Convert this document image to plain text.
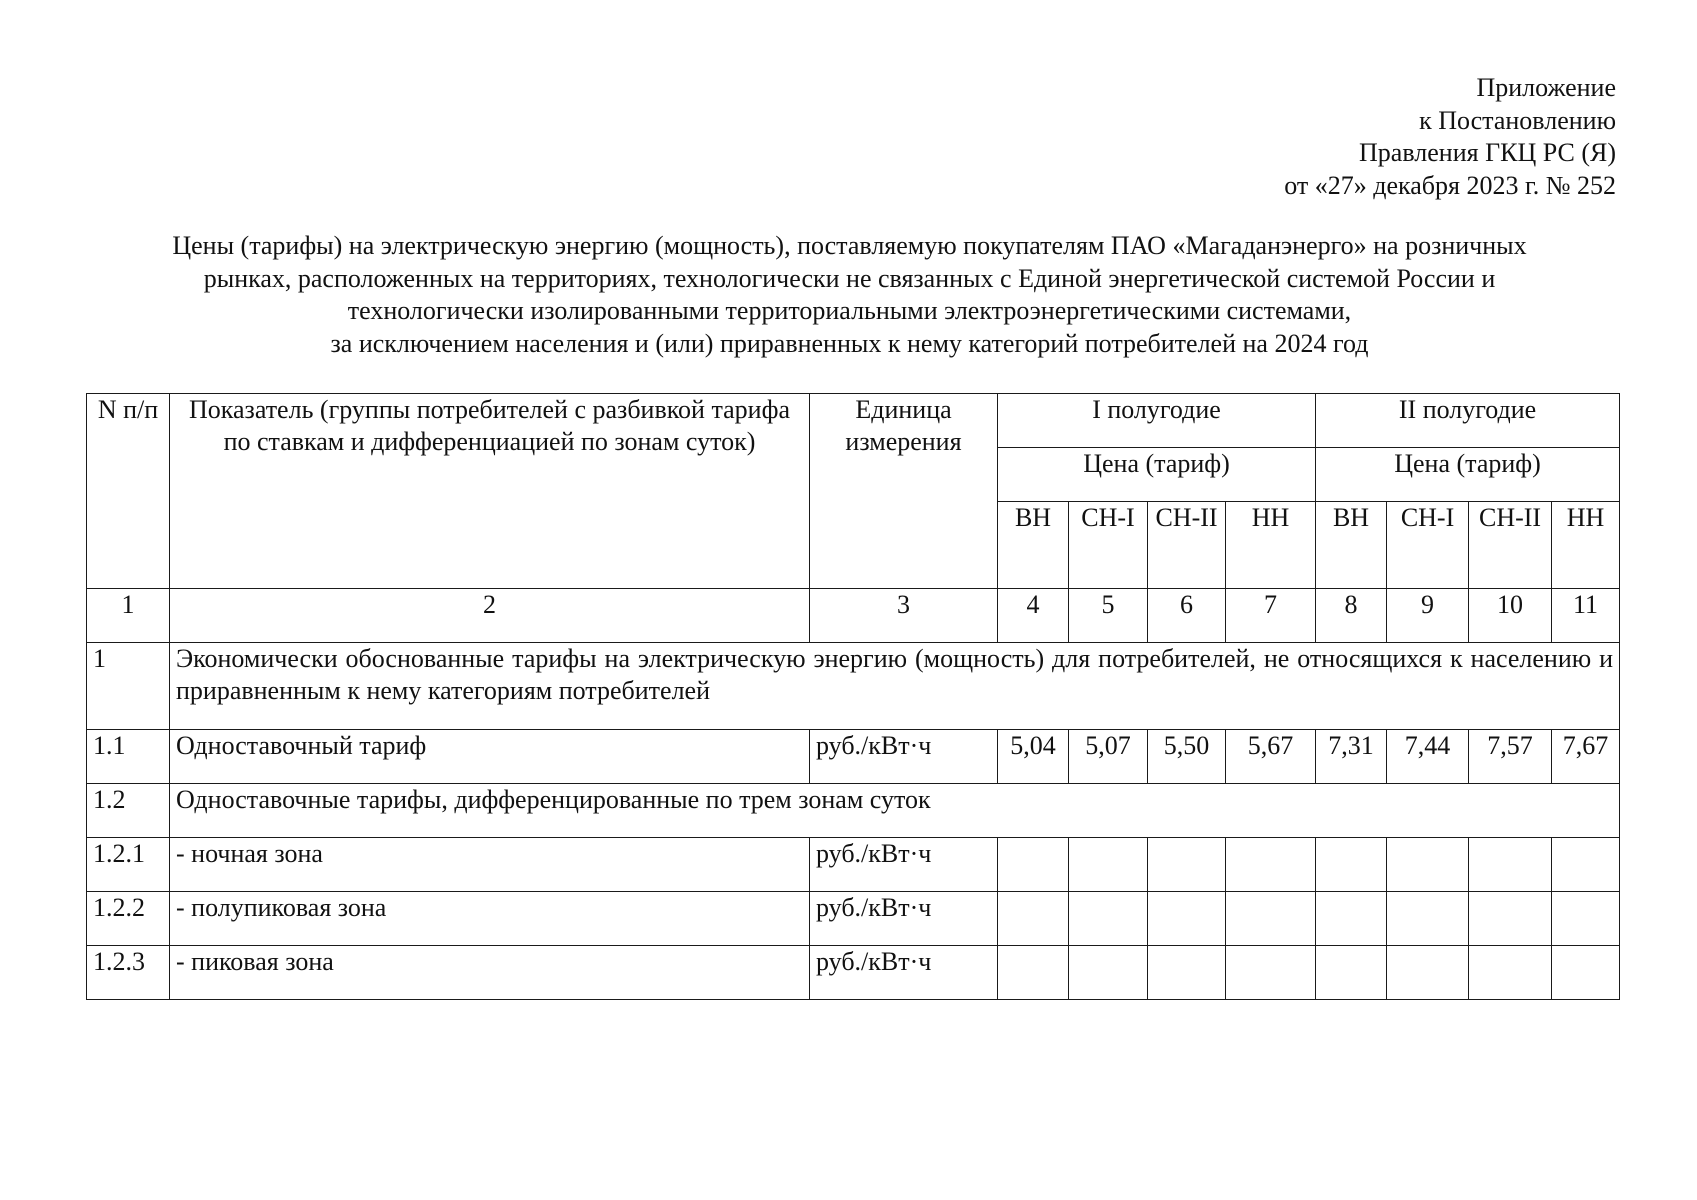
Приложение
к Постановлению
Правления ГКЦ РС (Я)
от «27» декабря 2023 г. № 252
Цены (тарифы) на электрическую энергию (мощность), поставляемую покупателям ПАО «Магаданэнерго» на розничных
рынках, расположенных на территориях, технологически не связанных с Единой энергетической системой России и
технологически изолированными территориальными электроэнергетическими системами,
за исключением населения и (или) приравненных к нему категорий потребителей на 2024 год
N п/п	Показатель (группы потребителей с разбивкой тарифа по ставкам и дифференциацией по зонам суток)	Единица измерения	I полугодие				II полугодие			
			Цена (тариф)				Цена (тариф)			
			ВН	СН-I	СН-II	НН	ВН	СН-I	СН-II	НН
1	2	3	4	5	6	7	8	9	10	11
1	Экономически обоснованные тарифы на электрическую энергию (мощность) для потребителей, не относящихся к населению и приравненным к нему категориям потребителей									
1.1	Одноставочный тариф	руб./кВт·ч	5,04	5,07	5,50	5,67	7,31	7,44	7,57	7,67
1.2	Одноставочные тарифы, дифференцированные по трем зонам суток									
1.2.1	- ночная зона	руб./кВт·ч								
1.2.2	- полупиковая зона	руб./кВт·ч								
1.2.3	- пиковая зона	руб./кВт·ч								
